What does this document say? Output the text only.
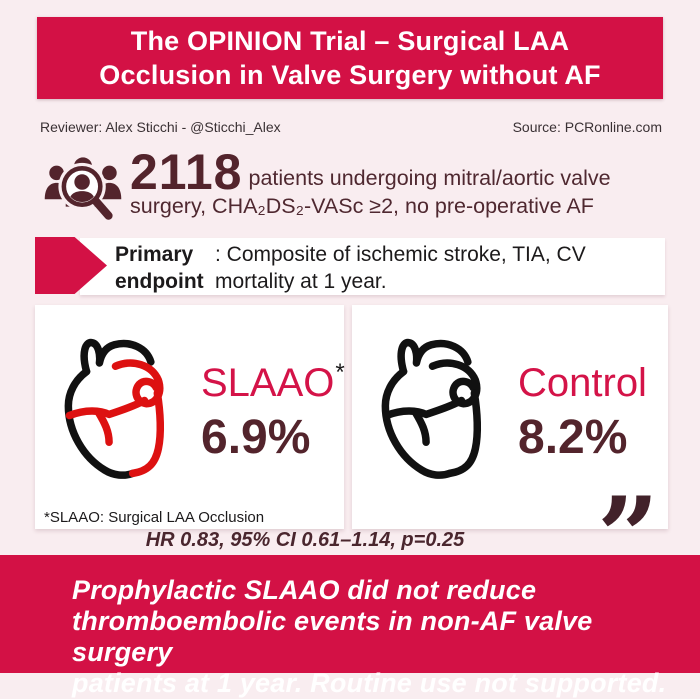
The OPINION Trial – Surgical LAA
Occlusion in Valve Surgery without AF
Reviewer: Alex Sticchi - @Sticchi_Alex	Source: PCRonline.com
2118 patients undergoing mitral/aortic valve surgery, CHA₂DS₂-VASc ≥2, no pre-operative AF
Primary endpoint
: Composite of ischemic stroke, TIA, CV mortality at 1 year.
SLAAO*
6.9%
*SLAAO: Surgical LAA Occlusion
Control
8.2%
HR 0.83, 95% CI 0.61–1.14, p=0.25	”
Prophylactic SLAAO did not reduce
thromboembolic events in non-AF valve surgery
patients at 1 year. Routine use not supported.
